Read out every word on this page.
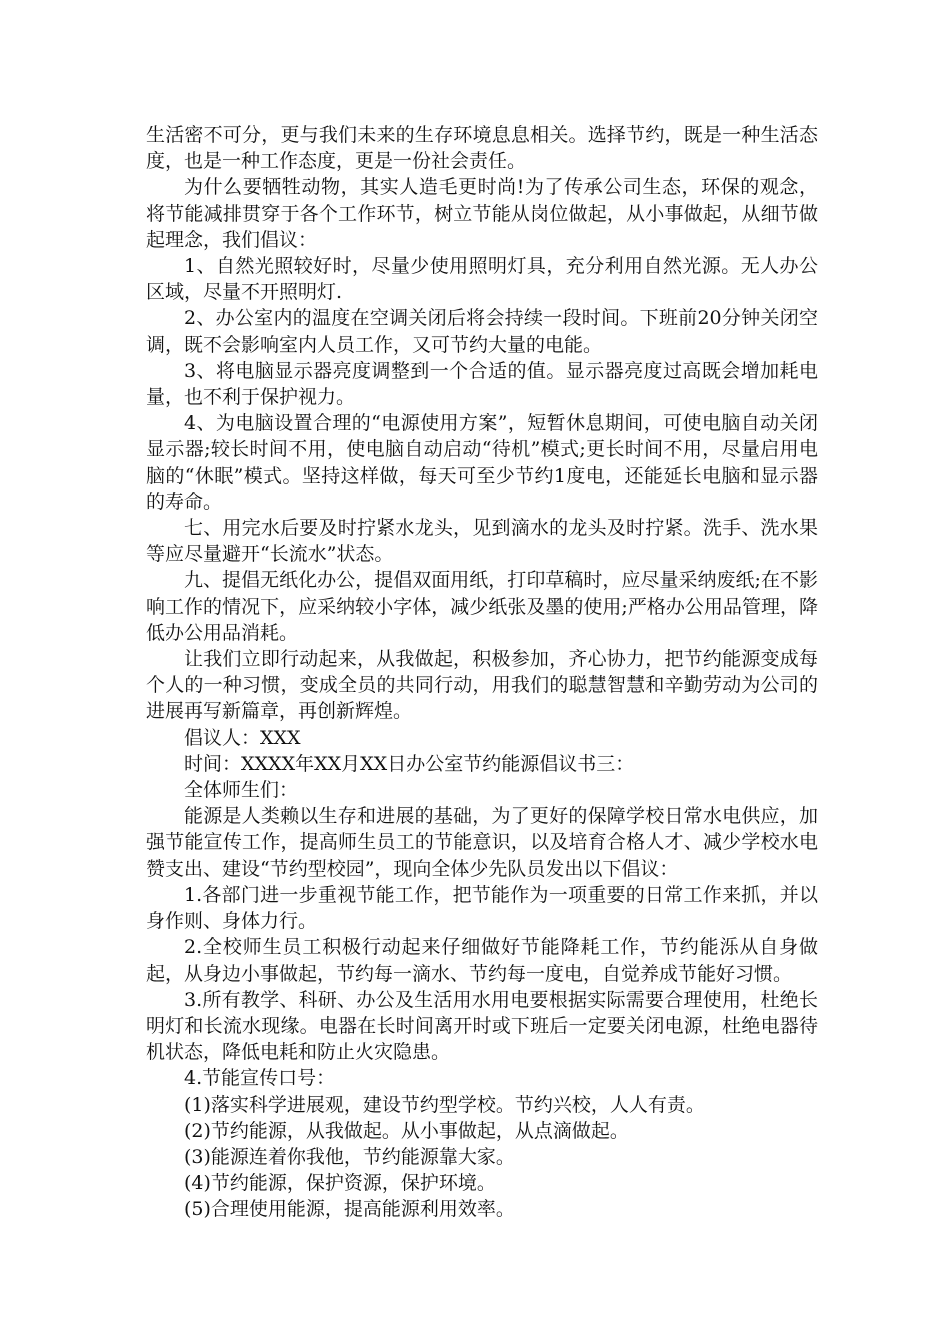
生活密不可分，更与我们未来的生存环境息息相关。选择节约，既是一种生活态度，也是一种工作态度，更是一份社会责任。

为什么要牺牲动物，其实人造毛更时尚!为了传承公司生态，环保的观念，将节能减排贯穿于各个工作环节，树立节能从岗位做起，从小事做起，从细节做起理念，我们倡议：

1、自然光照较好时，尽量少使用照明灯具，充分利用自然光源。无人办公区域，尽量不开照明灯.

2、办公室内的温度在空调关闭后将会持续一段时间。下班前20分钟关闭空调，既不会影响室内人员工作，又可节约大量的电能。

3、将电脑显示器亮度调整到一个合适的值。显示器亮度过高既会增加耗电量，也不利于保护视力。

4、为电脑设置合理的“电源使用方案”，短暂休息期间，可使电脑自动关闭显示器;较长时间不用，使电脑自动启动“待机”模式;更长时间不用，尽量启用电脑的“休眠”模式。坚持这样做，每天可至少节约1度电，还能延长电脑和显示器的寿命。

七、用完水后要及时拧紧水龙头，见到滴水的龙头及时拧紧。洗手、洗水果等应尽量避开“长流水”状态。

九、提倡无纸化办公，提倡双面用纸，打印草稿时，应尽量采纳废纸;在不影响工作的情况下，应采纳较小字体，减少纸张及墨的使用;严格办公用品管理，降低办公用品消耗。

让我们立即行动起来，从我做起，积极参加，齐心协力，把节约能源变成每个人的一种习惯，变成全员的共同行动，用我们的聪慧智慧和辛勤劳动为公司的进展再写新篇章，再创新辉煌。

倡议人：XXX

时间：XXXX年XX月XX日办公室节约能源倡议书三：

全体师生们：

能源是人类赖以生存和进展的基础，为了更好的保障学校日常水电供应，加强节能宣传工作，提高师生员工的节能意识，以及培育合格人才、减少学校水电赞支出、建设“节约型校园”，现向全体少先队员发出以下倡议：

1.各部门进一步重视节能工作，把节能作为一项重要的日常工作来抓，并以身作则、身体力行。

2.全校师生员工积极行动起来仔细做好节能降耗工作，节约能泺从自身做起，从身边小事做起，节约每一滴水、节约每一度电，自觉养成节能好习惯。

3.所有教学、科研、办公及生活用水用电要根据实际需要合理使用，杜绝长明灯和长流水现缘。电器在长时间离开时或下班后一定要关闭电源，杜绝电器待机状态，降低电耗和防止火灾隐患。

4.节能宣传口号：

(1)落实科学进展观，建设节约型学校。节约兴校，人人有责。

(2)节约能源，从我做起。从小事做起，从点滴做起。

(3)能源连着你我他，节约能源靠大家。

(4)节约能源，保护资源，保护环境。

(5)合理使用能源，提高能源利用效率。
